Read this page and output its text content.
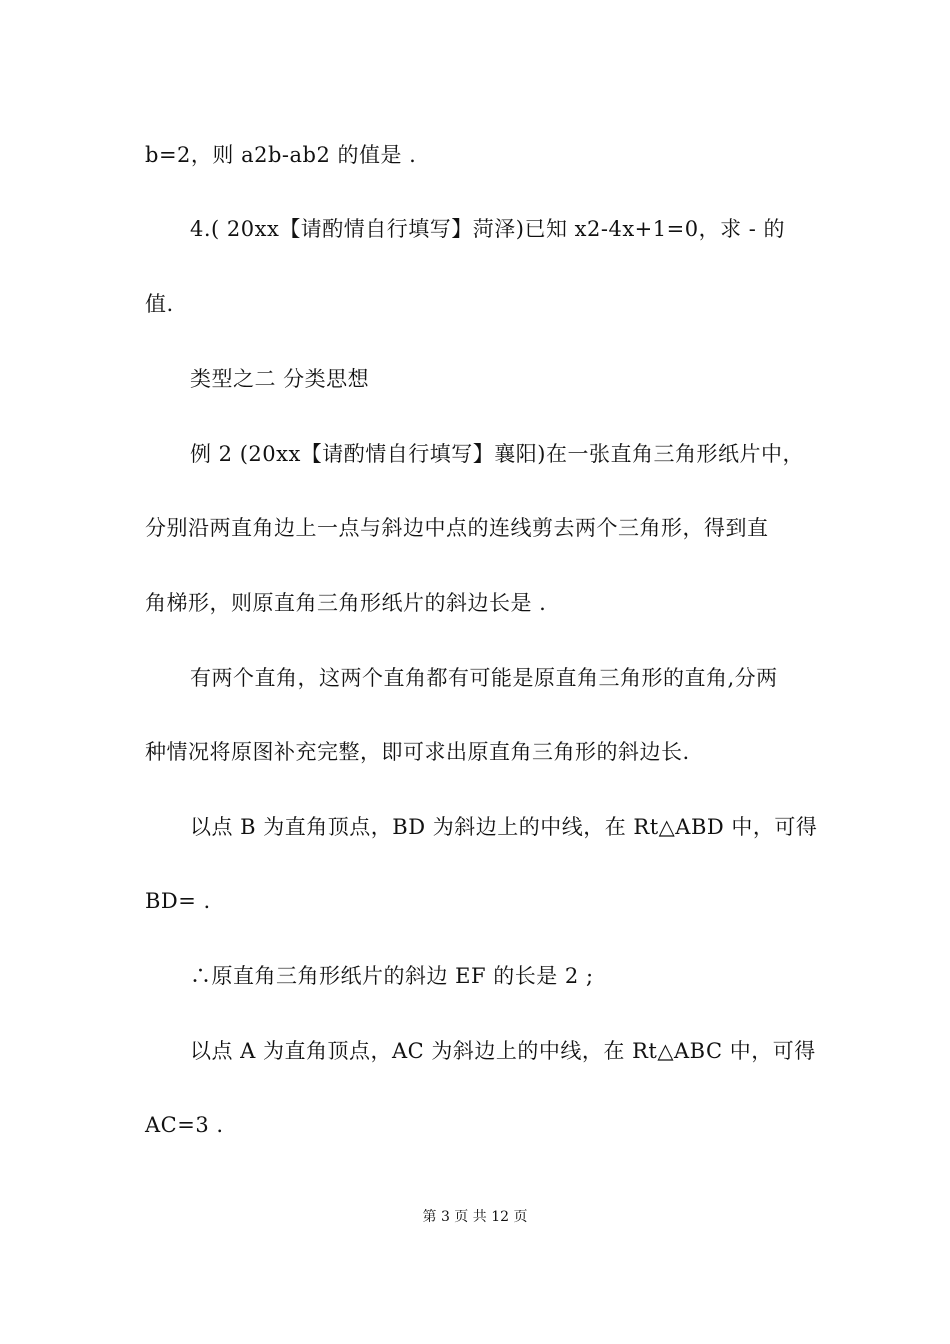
b=2，则 a2b-ab2 的值是 .
4.( 20xx【请酌情自行填写】菏泽)已知 x2-4x+1=0，求 - 的
值.
类型之二 分类思想
例 2 (20xx【请酌情自行填写】襄阳)在一张直角三角形纸片中，
分别沿两直角边上一点与斜边中点的连线剪去两个三角形，得到直
角梯形，则原直角三角形纸片的斜边长是 .
有两个直角，这两个直角都有可能是原直角三角形的直角,分两
种情况将原图补充完整，即可求出原直角三角形的斜边长.
以点 B 为直角顶点，BD 为斜边上的中线，在 Rt△ABD 中，可得
BD= .
∴原直角三角形纸片的斜边 EF 的长是 2 ;
以点 A 为直角顶点，AC 为斜边上的中线，在 Rt△ABC 中，可得
AC=3 .
第 3 页 共 12 页
